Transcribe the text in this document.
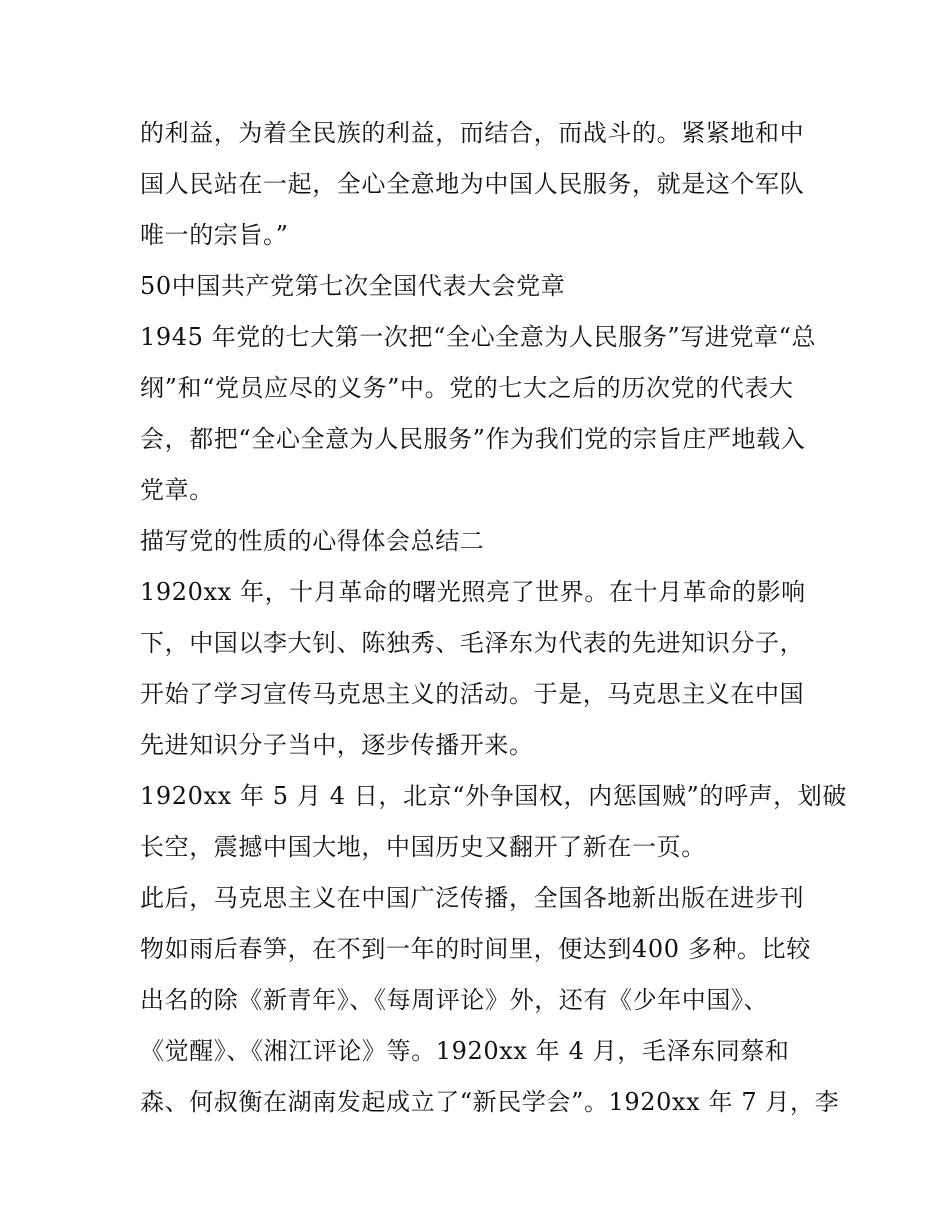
的利益，为着全民族的利益，而结合，而战斗的。紧紧地和中
国人民站在一起，全心全意地为中国人民服务，就是这个军队
唯一的宗旨。”
50中国共产党第七次全国代表大会党章
1945 年党的七大第一次把“全心全意为人民服务”写进党章“总
纲”和“党员应尽的义务”中。党的七大之后的历次党的代表大
会，都把“全心全意为人民服务”作为我们党的宗旨庄严地载入
党章。
描写党的性质的心得体会总结二
1920xx 年，十月革命的曙光照亮了世界。在十月革命的影响
下，中国以李大钊、陈独秀、毛泽东为代表的先进知识分子，
开始了学习宣传马克思主义的活动。于是，马克思主义在中国
先进知识分子当中，逐步传播开来。
1920xx 年 5 月 4 日，北京“外争国权，内惩国贼”的呼声，划破
长空，震撼中国大地，中国历史又翻开了新在一页。
此后，马克思主义在中国广泛传播，全国各地新出版在进步刊
物如雨后春笋，在不到一年的时间里，便达到400 多种。比较
出名的除《新青年》、《每周评论》外，还有《少年中国》、
《觉醒》、《湘江评论》等。1920xx 年 4 月，毛泽东同蔡和
森、何叔衡在湖南发起成立了“新民学会”。1920xx 年 7 月，李
